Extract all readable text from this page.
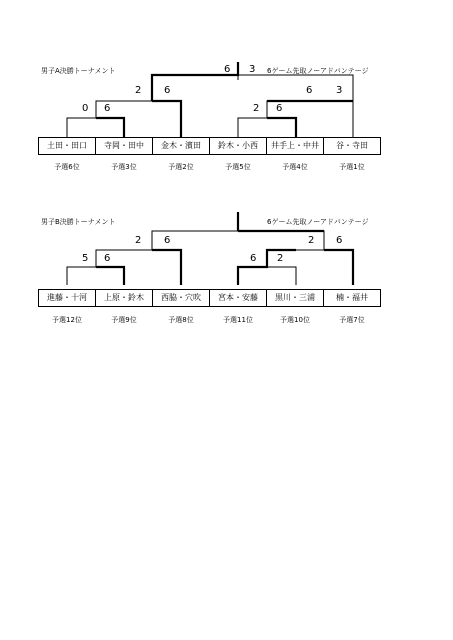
男子A決勝トーナメント	6ゲーム先取ノーアドバンテージ
土田・田口	寺岡・田中	金木・濱田	鈴木・小西	井手上・中井	谷・寺田
予選6位	予選3位	予選2位	予選5位	予選4位	予選1位
0 6
2 6
6 3
2 6
6 3
男子B決勝トーナメント	6ゲーム先取ノーアドバンテージ
進藤・十河	上原・鈴木	西脇・穴吹	宮本・安藤	黒川・三浦	楠・福井
予選12位	予選9位	予選8位	予選11位	予選10位	予選7位
5 6
2 6
6 2
2 6
